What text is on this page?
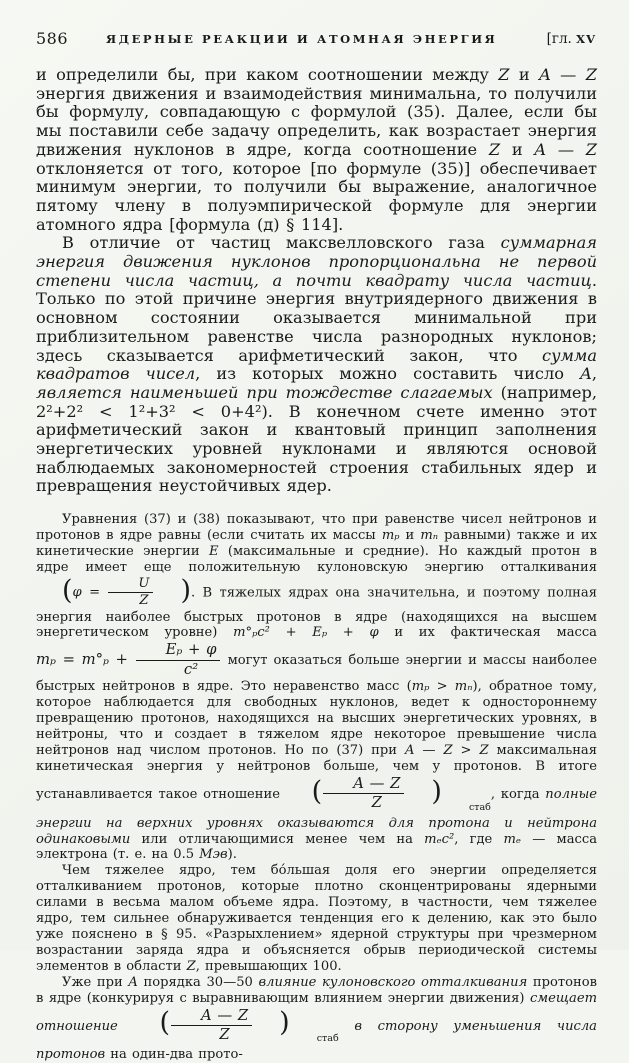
586	ЯДЕРНЫЕ РЕАКЦИИ И АТОМНАЯ ЭНЕРГИЯ	[гл. XV

и определили бы, при каком соотношении между Z и A — Z энергия движения и взаимодействия минимальна, то получили бы формулу, совпадающую с формулой (35). Далее, если бы мы поставили себе задачу определить, как возрастает энергия движения нуклонов в ядре, когда соотношение Z и A — Z отклоняется от того, которое [по формуле (35)] обеспечивает минимум энергии, то получили бы выражение, аналогичное пятому члену в полуэмпирической формуле для энергии атомного ядра [формула (д) § 114].

В отличие от частиц максвелловского газа суммарная энергия движения нуклонов пропорциональна не первой степени числа частиц, а почти квадрату числа частиц. Только по этой причине энергия внутриядерного движения в основном состоянии оказывается минимальной при приблизительном равенстве числа разнородных нуклонов; здесь сказывается арифметический закон, что сумма квадратов чисел, из которых можно составить число A, является наименьшей при тождестве слагаемых (например, 2²+2² < 1²+3² < 0+4²). В конечном счете именно этот арифметический закон и квантовый принцип заполнения энергетических уровней нуклонами и являются основой наблюдаемых закономерностей строения стабильных ядер и превращения неустойчивых ядер.

Уравнения (37) и (38) показывают, что при равенстве чисел нейтронов и протонов в ядре равны (если считать их массы mₚ и mₙ равными) также и их кинетические энергии E (максимальные и средние). Но каждый протон в ядре имеет еще положительную кулоновскую энергию отталкивания ($\varphi = \frac{U}{Z}$ ). В тяжелых ядрах она значительна, и поэтому полная энергия наиболее быстрых протонов в ядре (находящихся на высшем энергетическом уровне) m°ₚc² + Eₚ + φ и их фактическая масса $m_p = m^\circ_p + \frac{\text{Eₚ + φ}}{\text{c²}}$ могут оказаться больше энергии и массы наиболее быстрых нейтронов в ядре. Это неравенство масс (mₚ > mₙ), обратное тому, которое наблюдается для свободных нуклонов, ведет к одностороннему превращению протонов, находящихся на высших энергетических уровнях, в нейтроны, что и создает в тяжелом ядре некоторое превышение числа нейтронов над числом протонов. Но по (37) при A — Z > Z максимальная кинетическая энергия у нейтронов больше, чем у протонов. В итоге устанавливается такое отношение ( $\frac{A — Z}{Z}$ )стаб, когда полные энергии на верхних уровнях оказываются для протона и нейтрона одинаковыми или отличающимися менее чем на mₑc², где mₑ — масса электрона (т. е. на 0.5 Мэв).

Чем тяжелее ядро, тем бо́льшая доля его энергии определяется отталкиванием протонов, которые плотно сконцентрированы ядерными силами в весьма малом объеме ядра. Поэтому, в частности, чем тяжелее ядро, тем сильнее обнаруживается тенденция его к делению, как это было уже пояснено в § 95. «Разрыхлением» ядерной структуры при чрезмерном возрастании заряда ядра и объясняется обрыв периодической системы элементов в области Z, превышающих 100.

Уже при A порядка 30—50 влияние кулоновского отталкивания протонов в ядре (конкурируя с выравнивающим влиянием энергии движения) смещает отношение ( $\frac{A — Z}{Z}$ )стаб в сторону уменьшения числа протонов на один-два прото-
